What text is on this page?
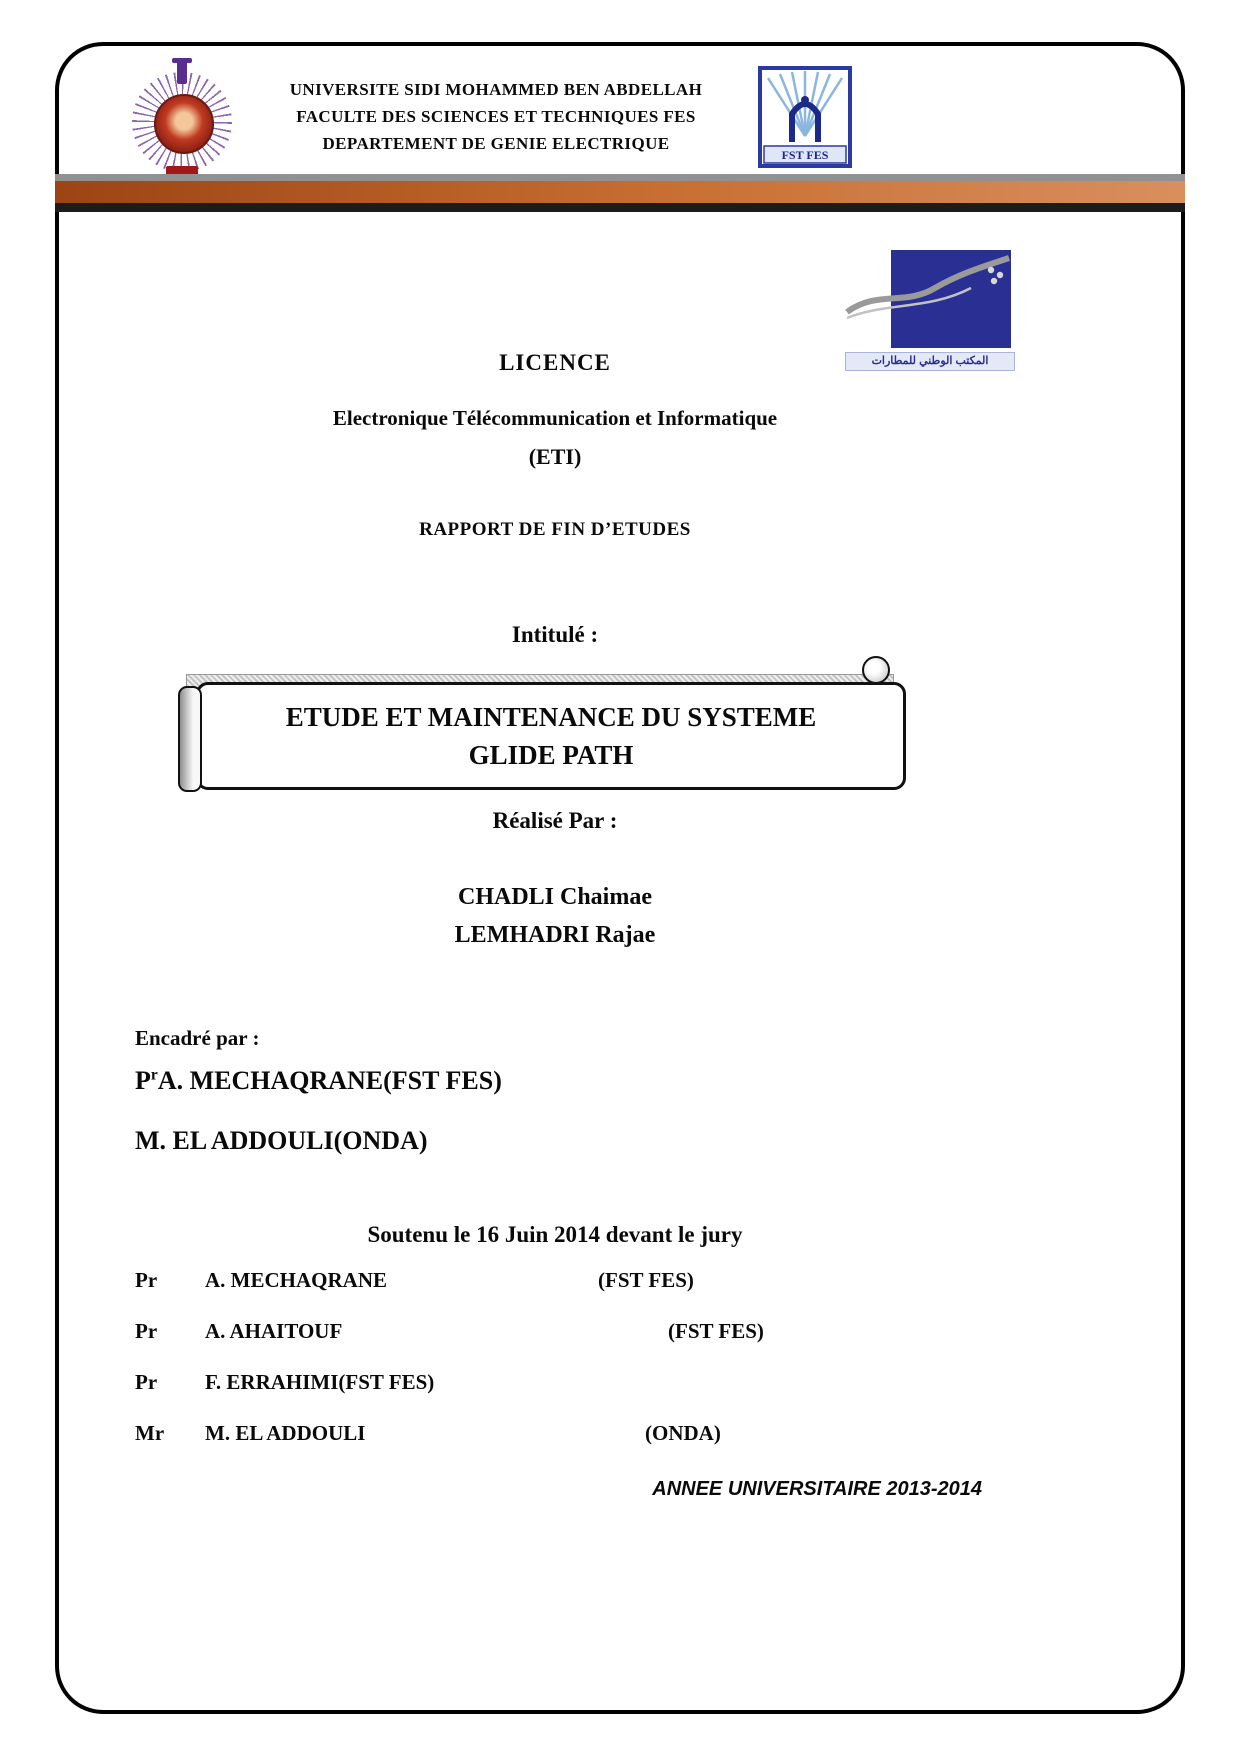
UNIVERSITE SIDI MOHAMMED BEN ABDELLAH
FACULTE DES SCIENCES ET TECHNIQUES FES
DEPARTEMENT DE GENIE ELECTRIQUE
FST FES
المكتب الوطني للمطارات
LICENCE
Electronique Télécommunication et Informatique
(ETI)
RAPPORT DE FIN D’ETUDES
Intitulé :
ETUDE ET MAINTENANCE DU SYSTEME
GLIDE PATH
Réalisé Par :
CHADLI Chaimae
LEMHADRI Rajae
Encadré par :
$P^rA$. MECHAQRANE(FST FES)
M. EL ADDOULI(ONDA)
Soutenu le 16 Juin 2014 devant le jury
Pr A. MECHAQRANE	(FST FES)
Pr A. AHAITOUF	(FST FES)
Pr F. ERRAHIMI(FST FES)
Mr M. EL ADDOULI	(ONDA)
ANNEE UNIVERSITAIRE 2013-2014
